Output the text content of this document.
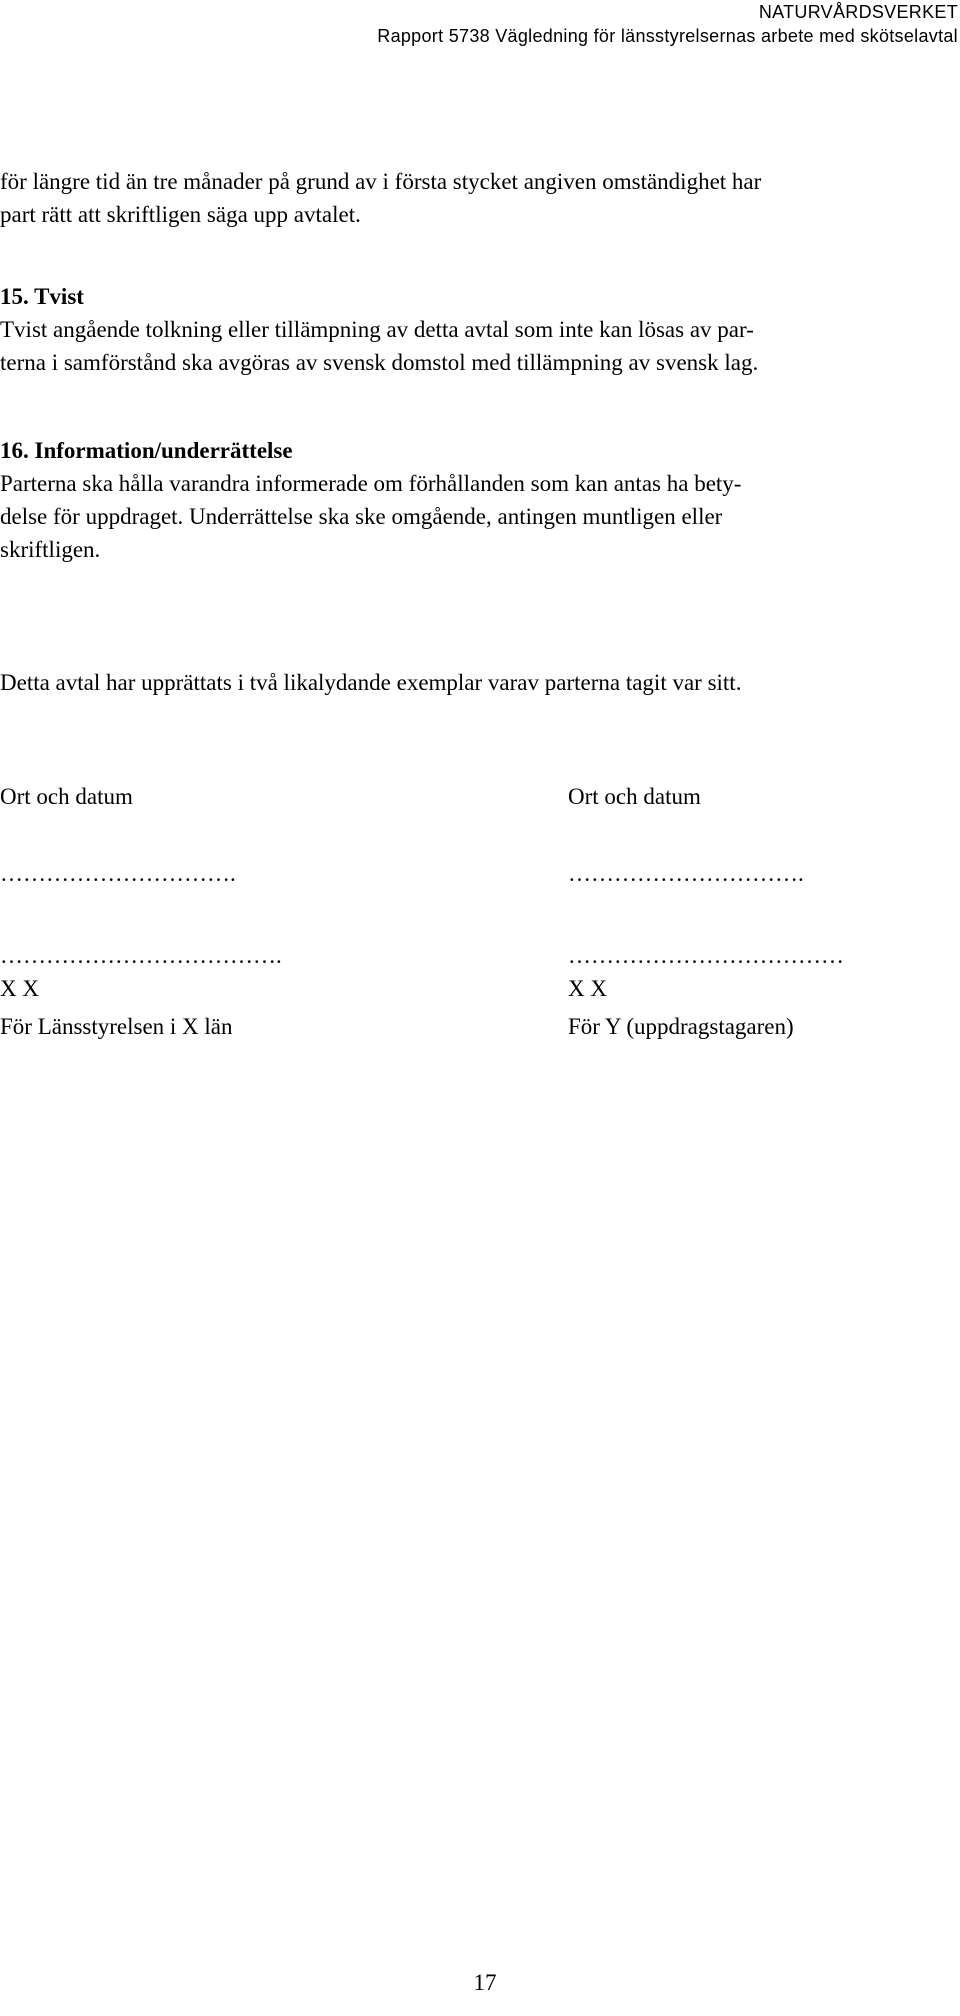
NATURVÅRDSVERKET
Rapport 5738 Vägledning för länsstyrelsernas arbete med skötselavtal
för längre tid än tre månader på grund av i första stycket angiven omständighet har
part rätt att skriftligen säga upp avtalet.
15. Tvist
Tvist angående tolkning eller tillämpning av detta avtal som inte kan lösas av par-
terna i samförstånd ska avgöras av svensk domstol med tillämpning av svensk lag.
16. Information/underrättelse
Parterna ska hålla varandra informerade om förhållanden som kan antas ha bety-
delse för uppdraget. Underrättelse ska ske omgående, antingen muntligen eller
skriftligen.
Detta avtal har upprättats i två likalydande exemplar varav parterna tagit var sitt.
Ort och datum	Ort och datum
………………………….	………………………….
……………………………….	………………………………
X X	X X
För Länsstyrelsen i X län	För Y (uppdragstagaren)
17
